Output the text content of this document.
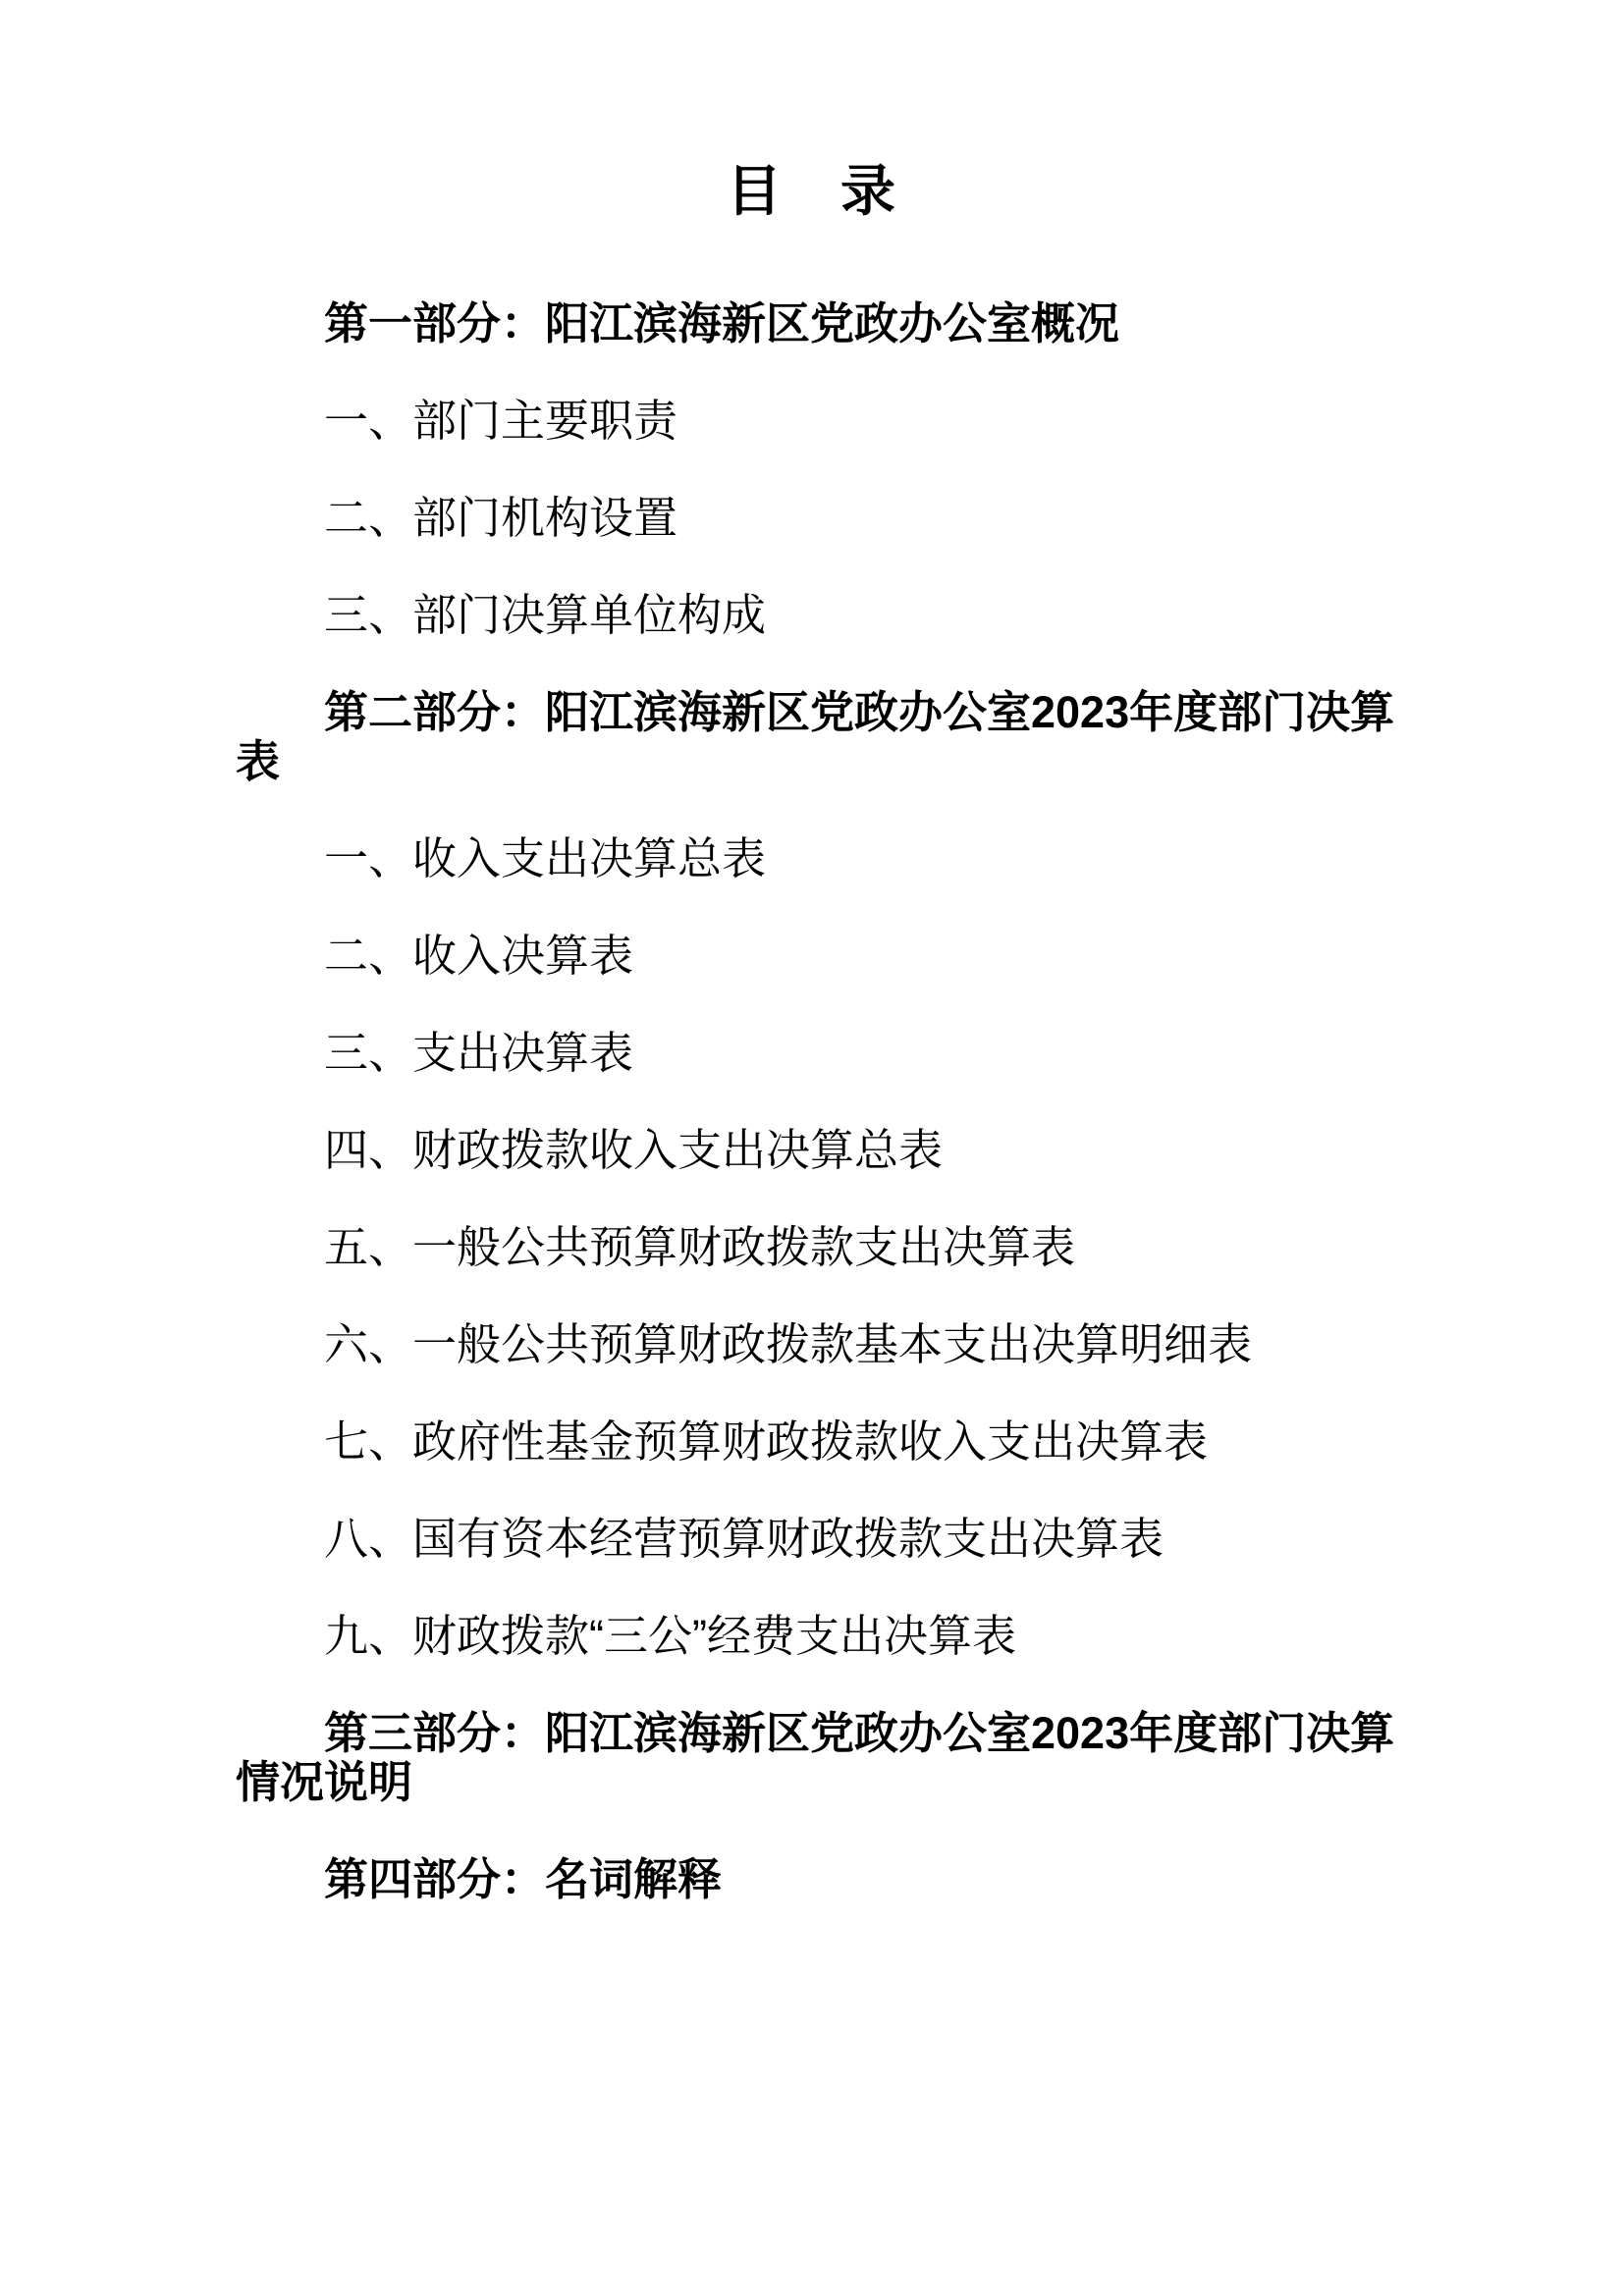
目　录
第一部分：阳江滨海新区党政办公室概况
一、部门主要职责
二、部门机构设置
三、部门决算单位构成
第二部分：阳江滨海新区党政办公室2023年度部门决算
表
一、收入支出决算总表
二、收入决算表
三、支出决算表
四、财政拨款收入支出决算总表
五、一般公共预算财政拨款支出决算表
六、一般公共预算财政拨款基本支出决算明细表
七、政府性基金预算财政拨款收入支出决算表
八、国有资本经营预算财政拨款支出决算表
九、财政拨款“三公”经费支出决算表
第三部分：阳江滨海新区党政办公室2023年度部门决算
情况说明
第四部分：名词解释
